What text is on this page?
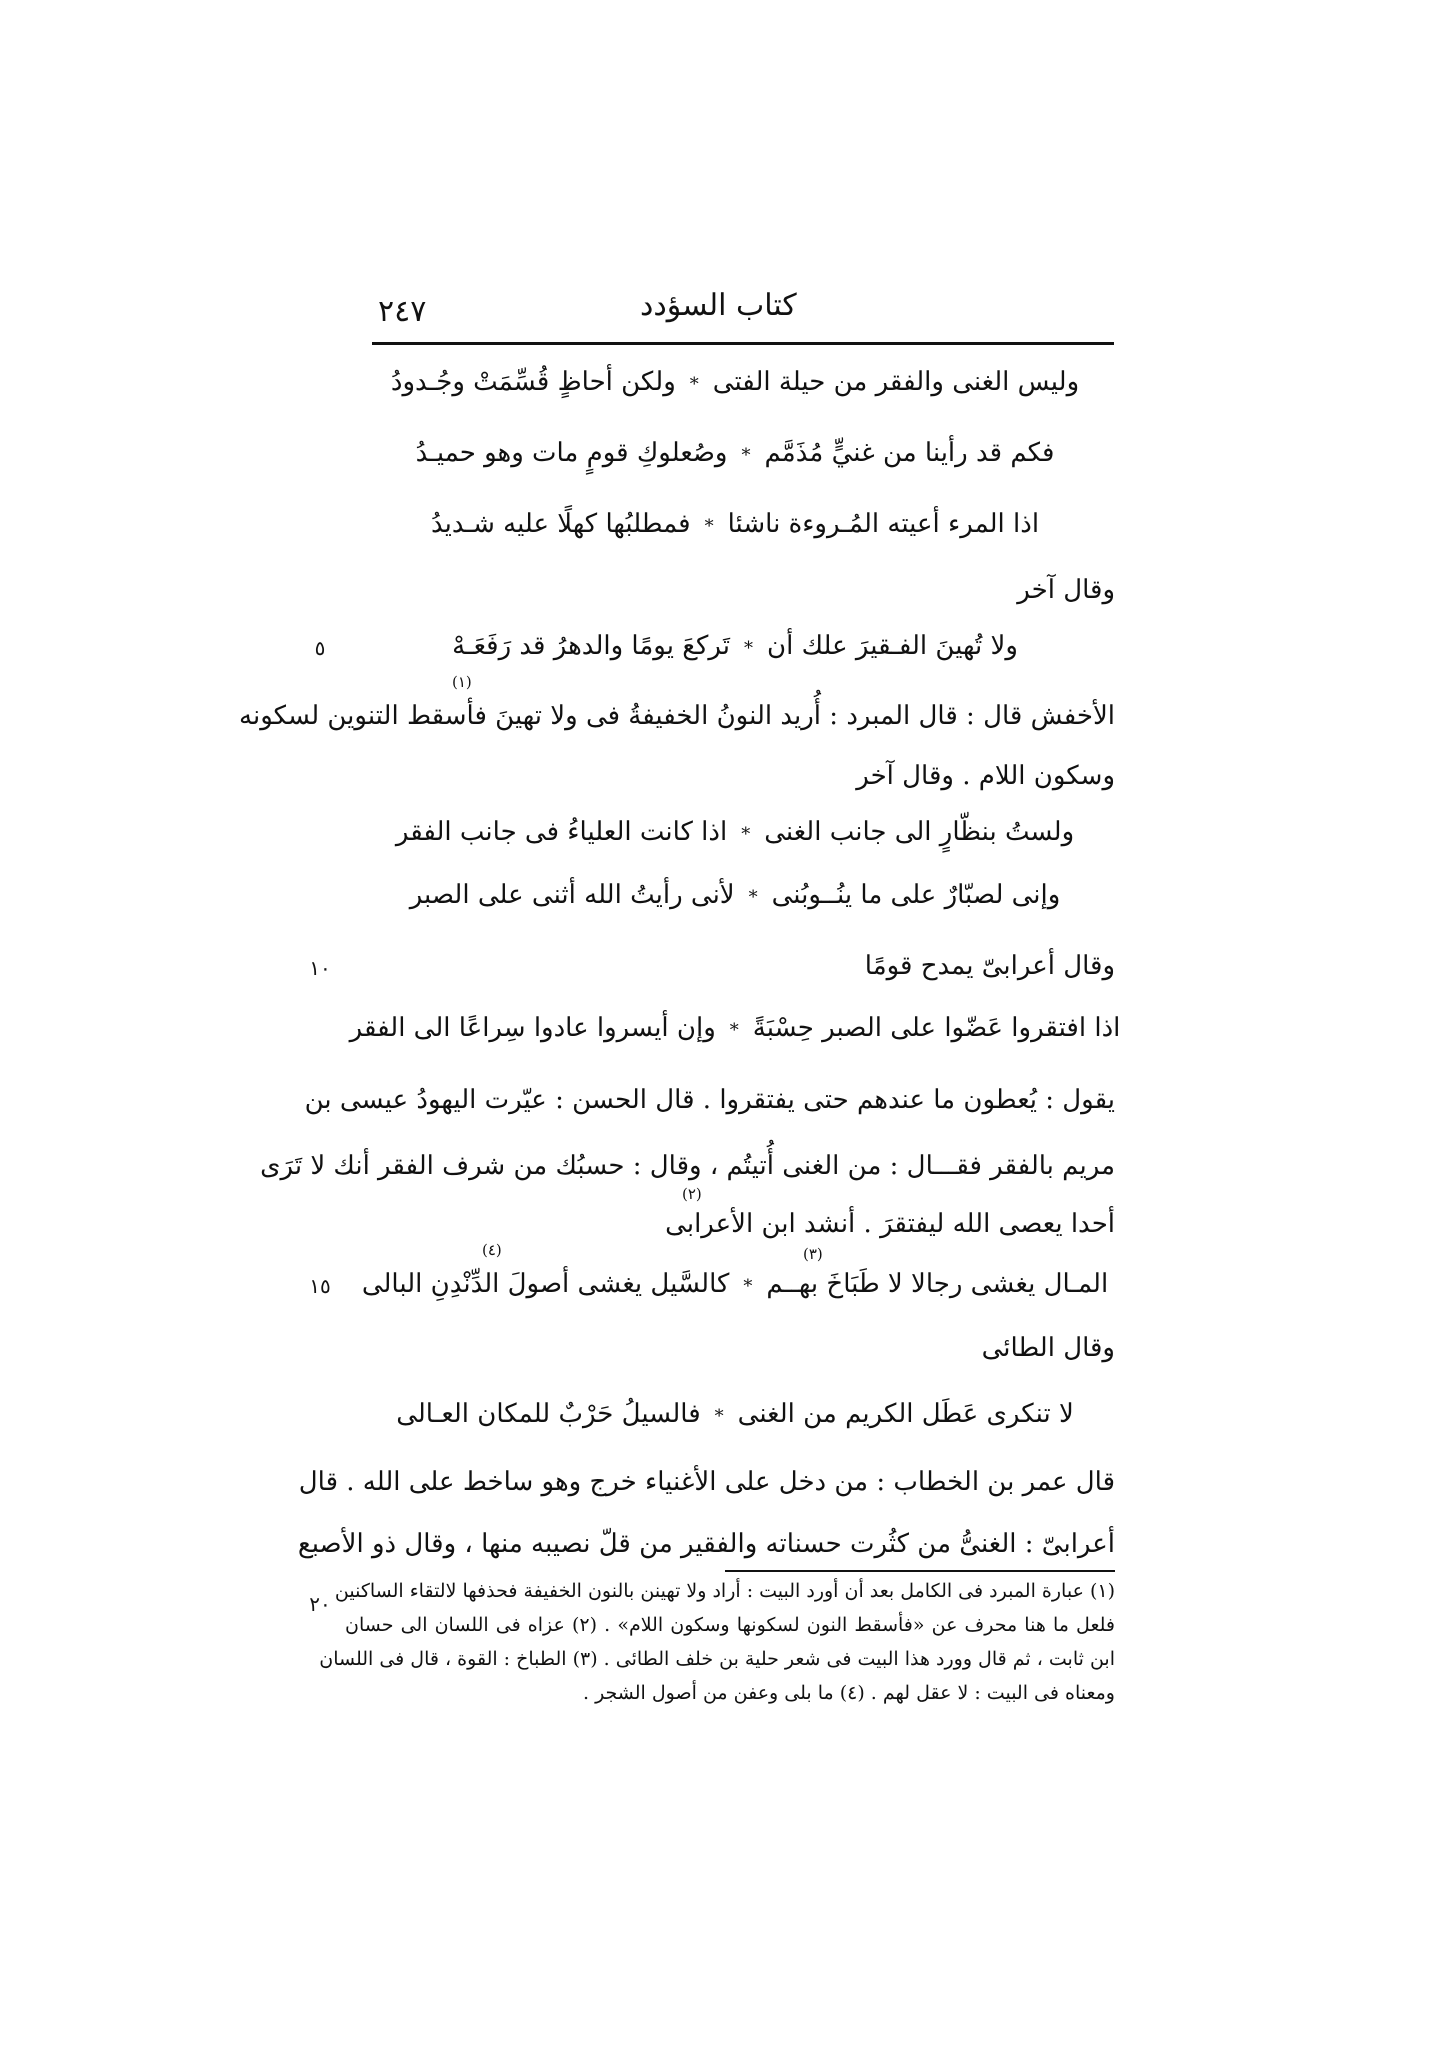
٢٤٧	كتاب السؤدد
وليس الغنى والفقر من حيلة الفتى
*
ولكن أحاظٍ قُسِّمَتْ وجُـدودُ
فكم قد رأينا من غنيٍّ مُذَمَّم
*
وصُعلوكِ قومٍ مات وهو حميـدُ
اذا المرء أعيته المُـروءة ناشئا
*
فمطلبُها كهلًا عليه شـديدُ
وقال آخر
ولا تُهينَ الفـقيرَ علك أن
*
تَركعَ يومًا والدهرُ قد رَفَعَـهْ
(١)
الأخفش قال : قال المبرد : أُريد النونُ الخفيفةُ فى ولا تهينَ فأسقط التنوين لسكونه
وسكون اللام . وقال آخر
ولستُ بنظّارٍ الى جانب الغنى
*
اذا كانت العلياءُ فى جانب الفقر
وإنى لصبّارٌ على ما ينُــوبُنى
*
لأنى رأيتُ الله أثنى على الصبر
وقال أعرابىّ يمدح قومًا
اذا افتقروا عَضّوا على الصبر حِسْبَةً
*
وإن أيسروا عادوا سِراعًا الى الفقر
يقول : يُعطون ما عندهم حتى يفتقروا . قال الحسن : عيّرت اليهودُ عيسى بن
مريم بالفقر فقـــال : من الغنى أُتيتُم ، وقال : حسبُك من شرف الفقر أنك لا تَرَى
(٢)
أحدا يعصى الله ليفتقرَ . أنشد ابن الأعرابى
(٣)
(٤)
المـال يغشى رجالا لا طَبَاخَ بهــم
*
كالسَّيل يغشى أصولَ الدِّنْدِنِ البالى
وقال الطائى
لا تنكرى عَطَل الكريم من الغنى
*
فالسيلُ حَرْبٌ للمكان العـالى
قال عمر بن الخطاب : من دخل على الأغنياء خرج وهو ساخط على الله . قال
أعرابىّ : الغنىُّ من كثُرت حسناته والفقير من قلّ نصيبه منها ، وقال ذو الأصبع
٥
١٠
١٥
٢٠
(١) عبارة المبرد فى الكامل بعد أن أورد البيت : أراد ولا تهينن بالنون الخفيفة فحذفها لالتقاء الساكنين
فلعل ما هنا محرف عن «فأسقط النون لسكونها وسكون اللام» . (٢) عزاه فى اللسان الى حسان
ابن ثابت ، ثم قال وورد هذا البيت فى شعر حلية بن خلف الطائى . (٣) الطباخ : القوة ، قال فى اللسان
ومعناه فى البيت : لا عقل لهم . (٤) ما بلى وعفن من أصول الشجر .
